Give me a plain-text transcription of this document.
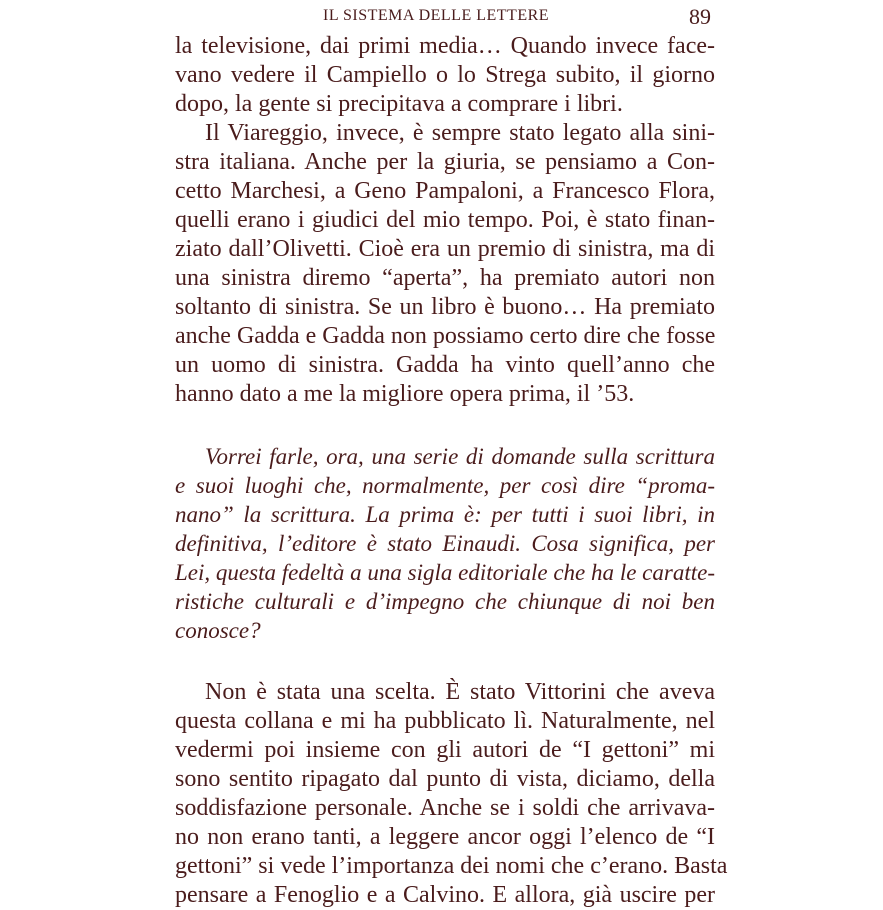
IL SISTEMA DELLE LETTERE	89
la televisione, dai primi media… Quando invece face-
vano vedere il Campiello o lo Strega subito, il giorno
dopo, la gente si precipitava a comprare i libri.
Il Viareggio, invece, è sempre stato legato alla sini-
stra italiana. Anche per la giuria, se pensiamo a Con-
cetto Marchesi, a Geno Pampaloni, a Francesco Flora,
quelli erano i giudici del mio tempo. Poi, è stato finan-
ziato dall’Olivetti. Cioè era un premio di sinistra, ma di
una sinistra diremo “aperta”, ha premiato autori non
soltanto di sinistra. Se un libro è buono… Ha premiato
anche Gadda e Gadda non possiamo certo dire che fosse
un uomo di sinistra. Gadda ha vinto quell’anno che
hanno dato a me la migliore opera prima, il ’53.
Vorrei farle, ora, una serie di domande sulla scrittura
e suoi luoghi che, normalmente, per così dire “proma-
nano” la scrittura. La prima è: per tutti i suoi libri, in
definitiva, l’editore è stato Einaudi. Cosa significa, per
Lei, questa fedeltà a una sigla editoriale che ha le caratte-
ristiche culturali e d’impegno che chiunque di noi ben
conosce?
Non è stata una scelta. È stato Vittorini che aveva
questa collana e mi ha pubblicato lì. Naturalmente, nel
vedermi poi insieme con gli autori de “I gettoni” mi
sono sentito ripagato dal punto di vista, diciamo, della
soddisfazione personale. Anche se i soldi che arrivava-
no non erano tanti, a leggere ancor oggi l’elenco de “I
gettoni” si vede l’importanza dei nomi che c’erano. Basta
pensare a Fenoglio e a Calvino. E allora, già uscire per
